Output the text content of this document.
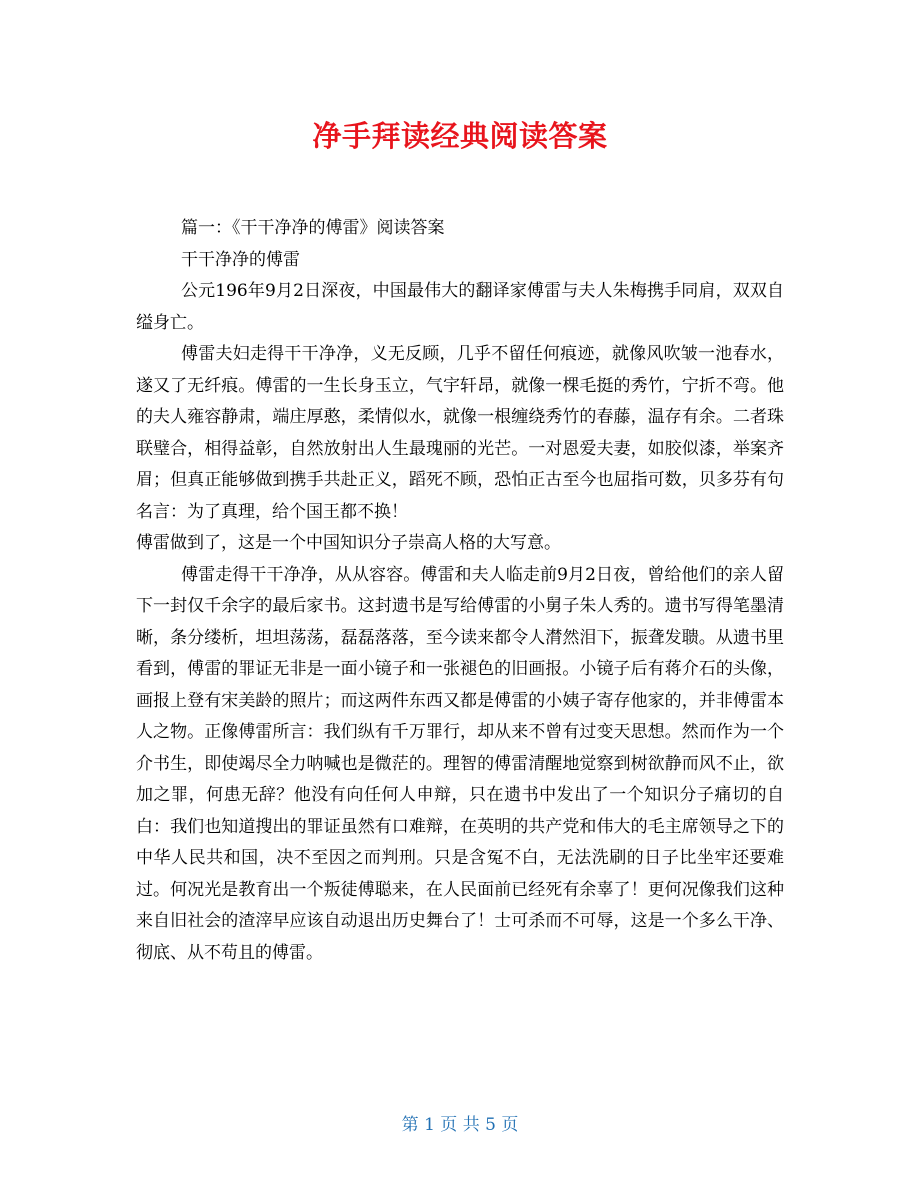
净手拜读经典阅读答案

篇一：《干干净净的傅雷》阅读答案

干干净净的傅雷

公元196年9月2日深夜，中国最伟大的翻译家傅雷与夫人朱梅携手同肩，双双自缢身亡。

傅雷夫妇走得干干净净，义无反顾，几乎不留任何痕迹，就像风吹皱一池春水，遂又了无纤痕。傅雷的一生长身玉立，气宇轩昂，就像一棵毛挺的秀竹，宁折不弯。他的夫人雍容静肃，端庄厚憨，柔情似水，就像一根缠绕秀竹的春藤，温存有余。二者珠联璧合，相得益彰，自然放射出人生最瑰丽的光芒。一对恩爱夫妻，如胶似漆，举案齐眉；但真正能够做到携手共赴正义，蹈死不顾，恐怕正古至今也屈指可数，贝多芬有句名言：为了真理，给个国王都不换！

傅雷做到了，这是一个中国知识分子崇高人格的大写意。

傅雷走得干干净净，从从容容。傅雷和夫人临走前9月2日夜，曾给他们的亲人留下一封仅千余字的最后家书。这封遗书是写给傅雷的小舅子朱人秀的。遗书写得笔墨清晰，条分缕析，坦坦荡荡，磊磊落落，至今读来都令人潸然泪下，振聋发聩。从遗书里看到，傅雷的罪证无非是一面小镜子和一张褪色的旧画报。小镜子后有蒋介石的头像，画报上登有宋美龄的照片；而这两件东西又都是傅雷的小姨子寄存他家的，并非傅雷本人之物。正像傅雷所言：我们纵有千万罪行，却从来不曾有过变天思想。然而作为一个介书生，即使竭尽全力呐喊也是微茫的。理智的傅雷清醒地觉察到树欲静而风不止，欲加之罪，何患无辞？他没有向任何人申辩，只在遗书中发出了一个知识分子痛切的自白：我们也知道搜出的罪证虽然有口难辩，在英明的共产党和伟大的毛主席领导之下的中华人民共和国，决不至因之而判刑。只是含冤不白，无法洗刷的日子比坐牢还要难过。何况光是教育出一个叛徒傅聪来，在人民面前已经死有余辜了！更何况像我们这种来自旧社会的渣滓早应该自动退出历史舞台了！士可杀而不可辱，这是一个多么干净、彻底、从不苟且的傅雷。

第 1 页 共 5 页
